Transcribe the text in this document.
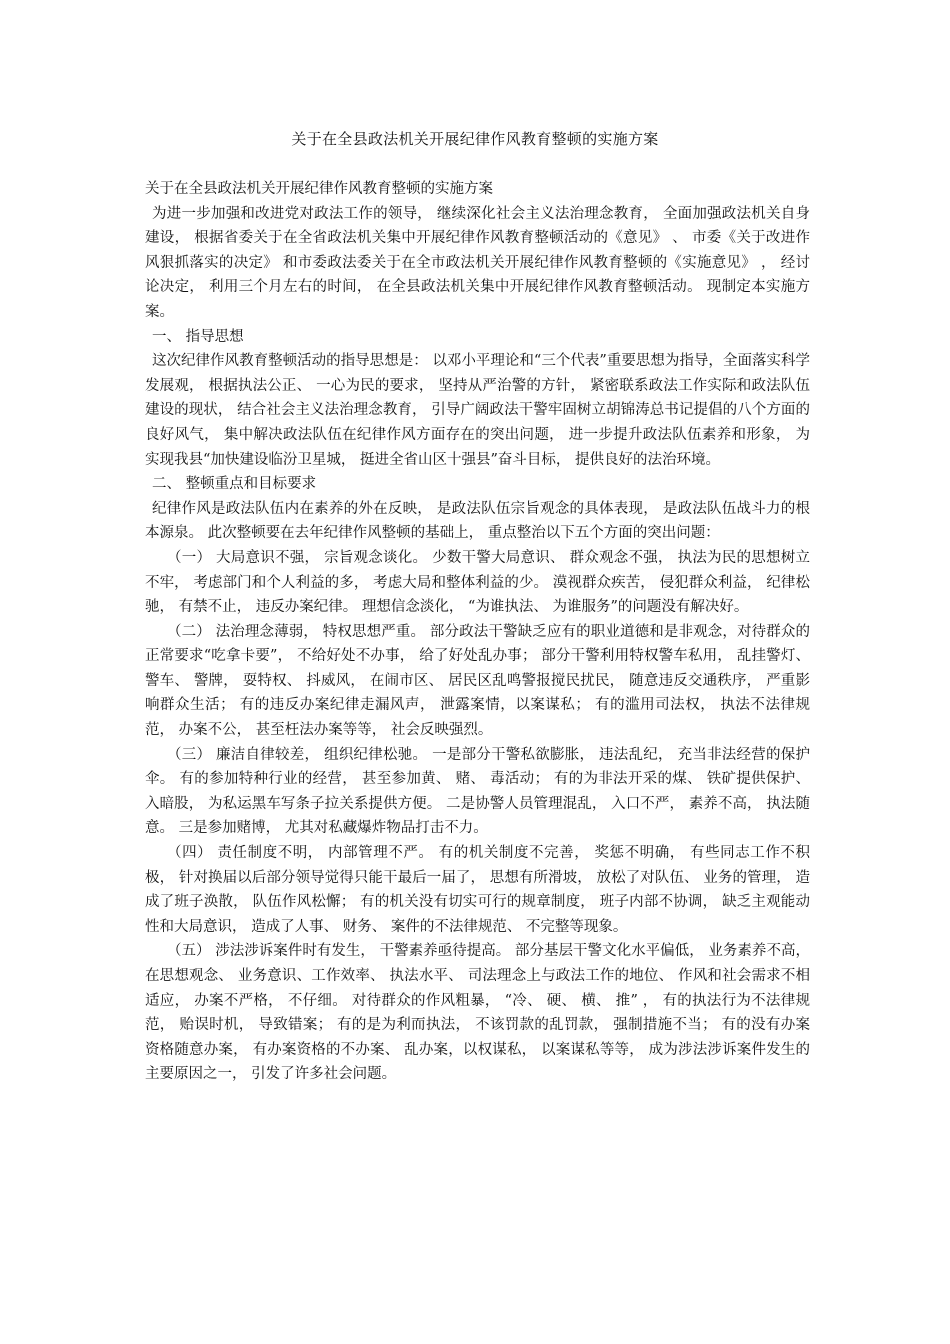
关于在全县政法机关开展纪律作风教育整顿的实施方案

关于在全县政法机关开展纪律作风教育整顿的实施方案

为进一步加强和改进党对政法工作的领导， 继续深化社会主义法治理念教育， 全面加强政法机关自身建设， 根据省委关于在全省政法机关集中开展纪律作风教育整顿活动的《意见》 、 市委《关于改进作风狠抓落实的决定》 和市委政法委关于在全市政法机关开展纪律作风教育整顿的《实施意见》 ， 经讨论决定， 利用三个月左右的时间， 在全县政法机关集中开展纪律作风教育整顿活动。 现制定本实施方案。

一、 指导思想

这次纪律作风教育整顿活动的指导思想是： 以邓小平理论和“三个代表”重要思想为指导，全面落实科学发展观， 根据执法公正、 一心为民的要求， 坚持从严治警的方针， 紧密联系政法工作实际和政法队伍建设的现状， 结合社会主义法治理念教育， 引导广阔政法干警牢固树立胡锦涛总书记提倡的八个方面的良好风气， 集中解决政法队伍在纪律作风方面存在的突出问题， 进一步提升政法队伍素养和形象， 为实现我县“加快建设临汾卫星城， 挺进全省山区十强县”奋斗目标， 提供良好的法治环境。

二、 整顿重点和目标要求

纪律作风是政法队伍内在素养的外在反映， 是政法队伍宗旨观念的具体表现， 是政法队伍战斗力的根本源泉。 此次整顿要在去年纪律作风整顿的基础上， 重点整治以下五个方面的突出问题：

（一） 大局意识不强， 宗旨观念谈化。 少数干警大局意识、 群众观念不强， 执法为民的思想树立不牢， 考虑部门和个人利益的多， 考虑大局和整体利益的少。 漠视群众疾苦， 侵犯群众利益， 纪律松驰， 有禁不止， 违反办案纪律。 理想信念淡化， “为谁执法、 为谁服务”的问题没有解决好。

（二） 法治理念薄弱， 特权思想严重。 部分政法干警缺乏应有的职业道德和是非观念，对待群众的正常要求“吃拿卡要”， 不给好处不办事， 给了好处乱办事； 部分干警利用特权警车私用， 乱挂警灯、 警车、 警牌， 耍特权、 抖威风， 在闹市区、 居民区乱鸣警报搅民扰民， 随意违反交通秩序， 严重影响群众生活； 有的违反办案纪律走漏风声， 泄露案情，以案谋私； 有的滥用司法权， 执法不法律规范， 办案不公， 甚至枉法办案等等， 社会反映强烈。

（三） 廉洁自律较差， 组织纪律松驰。 一是部分干警私欲膨胀， 违法乱纪， 充当非法经营的保护伞。 有的参加特种行业的经营， 甚至参加黄、 赌、 毒活动； 有的为非法开采的煤、 铁矿提供保护、 入暗股， 为私运黑车写条子拉关系提供方便。 二是协警人员管理混乱， 入口不严， 素养不高， 执法随意。 三是参加赌博， 尤其对私藏爆炸物品打击不力。

（四） 责任制度不明， 内部管理不严。 有的机关制度不完善， 奖惩不明确， 有些同志工作不积极， 针对换届以后部分领导觉得只能干最后一届了， 思想有所滑坡， 放松了对队伍、 业务的管理， 造成了班子涣散， 队伍作风松懈； 有的机关没有切实可行的规章制度， 班子内部不协调， 缺乏主观能动性和大局意识， 造成了人事、 财务、 案件的不法律规范、 不完整等现象。

（五） 涉法涉诉案件时有发生， 干警素养亟待提高。 部分基层干警文化水平偏低， 业务素养不高， 在思想观念、 业务意识、工作效率、 执法水平、 司法理念上与政法工作的地位、 作风和社会需求不相适应， 办案不严格， 不仔细。 对待群众的作风粗暴， “冷、 硬、 横、 推” ， 有的执法行为不法律规范， 贻误时机， 导致错案； 有的是为利而执法， 不该罚款的乱罚款， 强制措施不当； 有的没有办案资格随意办案， 有办案资格的不办案、 乱办案，以权谋私， 以案谋私等等， 成为涉法涉诉案件发生的主要原因之一， 引发了许多社会问题。
